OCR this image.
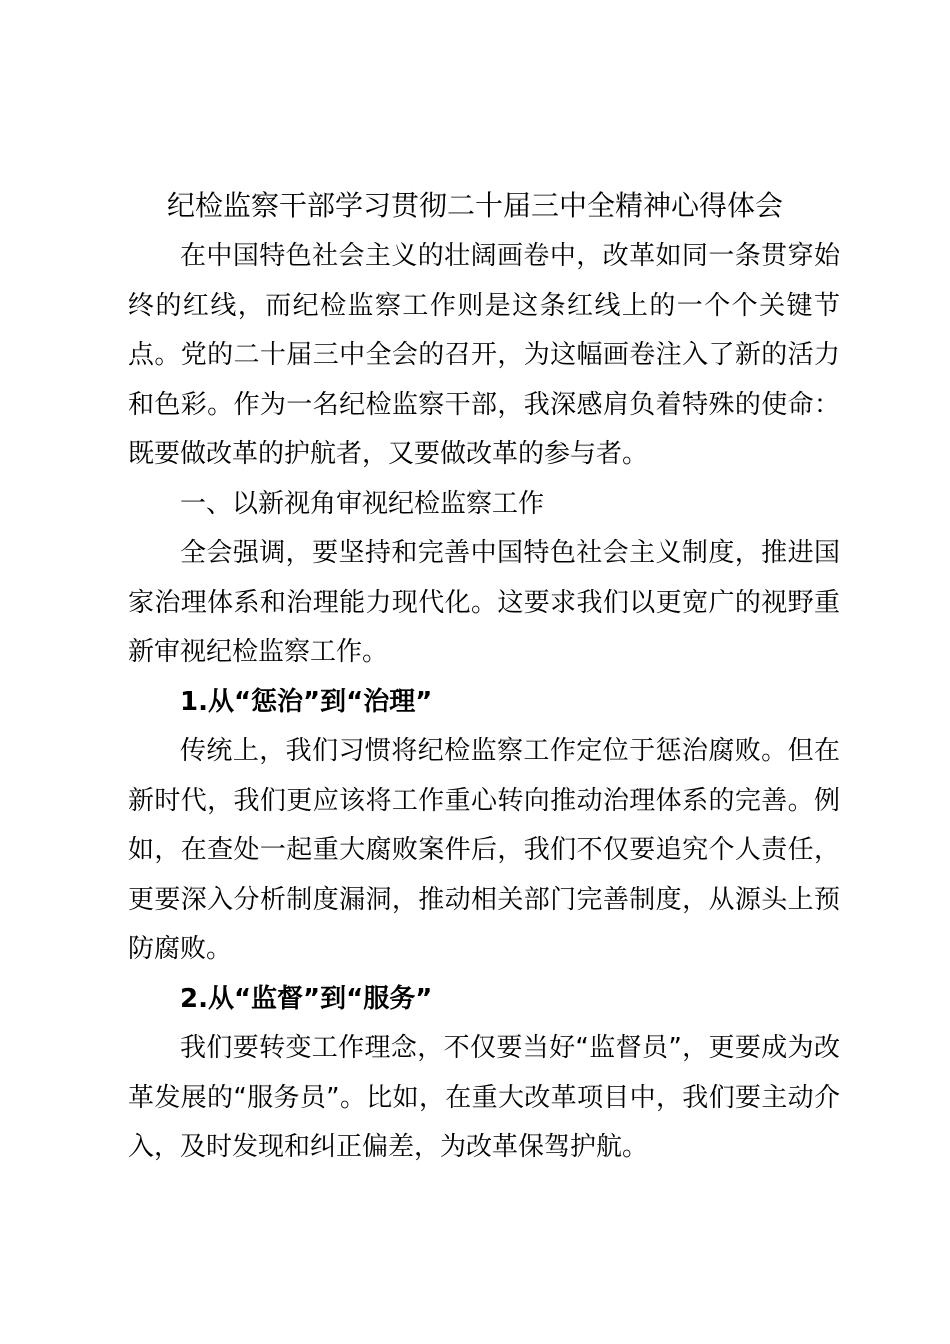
纪检监察干部学习贯彻二十届三中全精神心得体会

在中国特色社会主义的壮阔画卷中，改革如同一条贯穿始终的红线，而纪检监察工作则是这条红线上的一个个关键节点。党的二十届三中全会的召开，为这幅画卷注入了新的活力和色彩。作为一名纪检监察干部，我深感肩负着特殊的使命：既要做改革的护航者，又要做改革的参与者。

一、以新视角审视纪检监察工作

全会强调，要坚持和完善中国特色社会主义制度，推进国家治理体系和治理能力现代化。这要求我们以更宽广的视野重新审视纪检监察工作。

1.从“惩治”到“治理”

传统上，我们习惯将纪检监察工作定位于惩治腐败。但在新时代，我们更应该将工作重心转向推动治理体系的完善。例如，在查处一起重大腐败案件后，我们不仅要追究个人责任，更要深入分析制度漏洞，推动相关部门完善制度，从源头上预防腐败。

2.从“监督”到“服务”

我们要转变工作理念，不仅要当好“监督员”，更要成为改革发展的“服务员”。比如，在重大改革项目中，我们要主动介入，及时发现和纠正偏差，为改革保驾护航。
